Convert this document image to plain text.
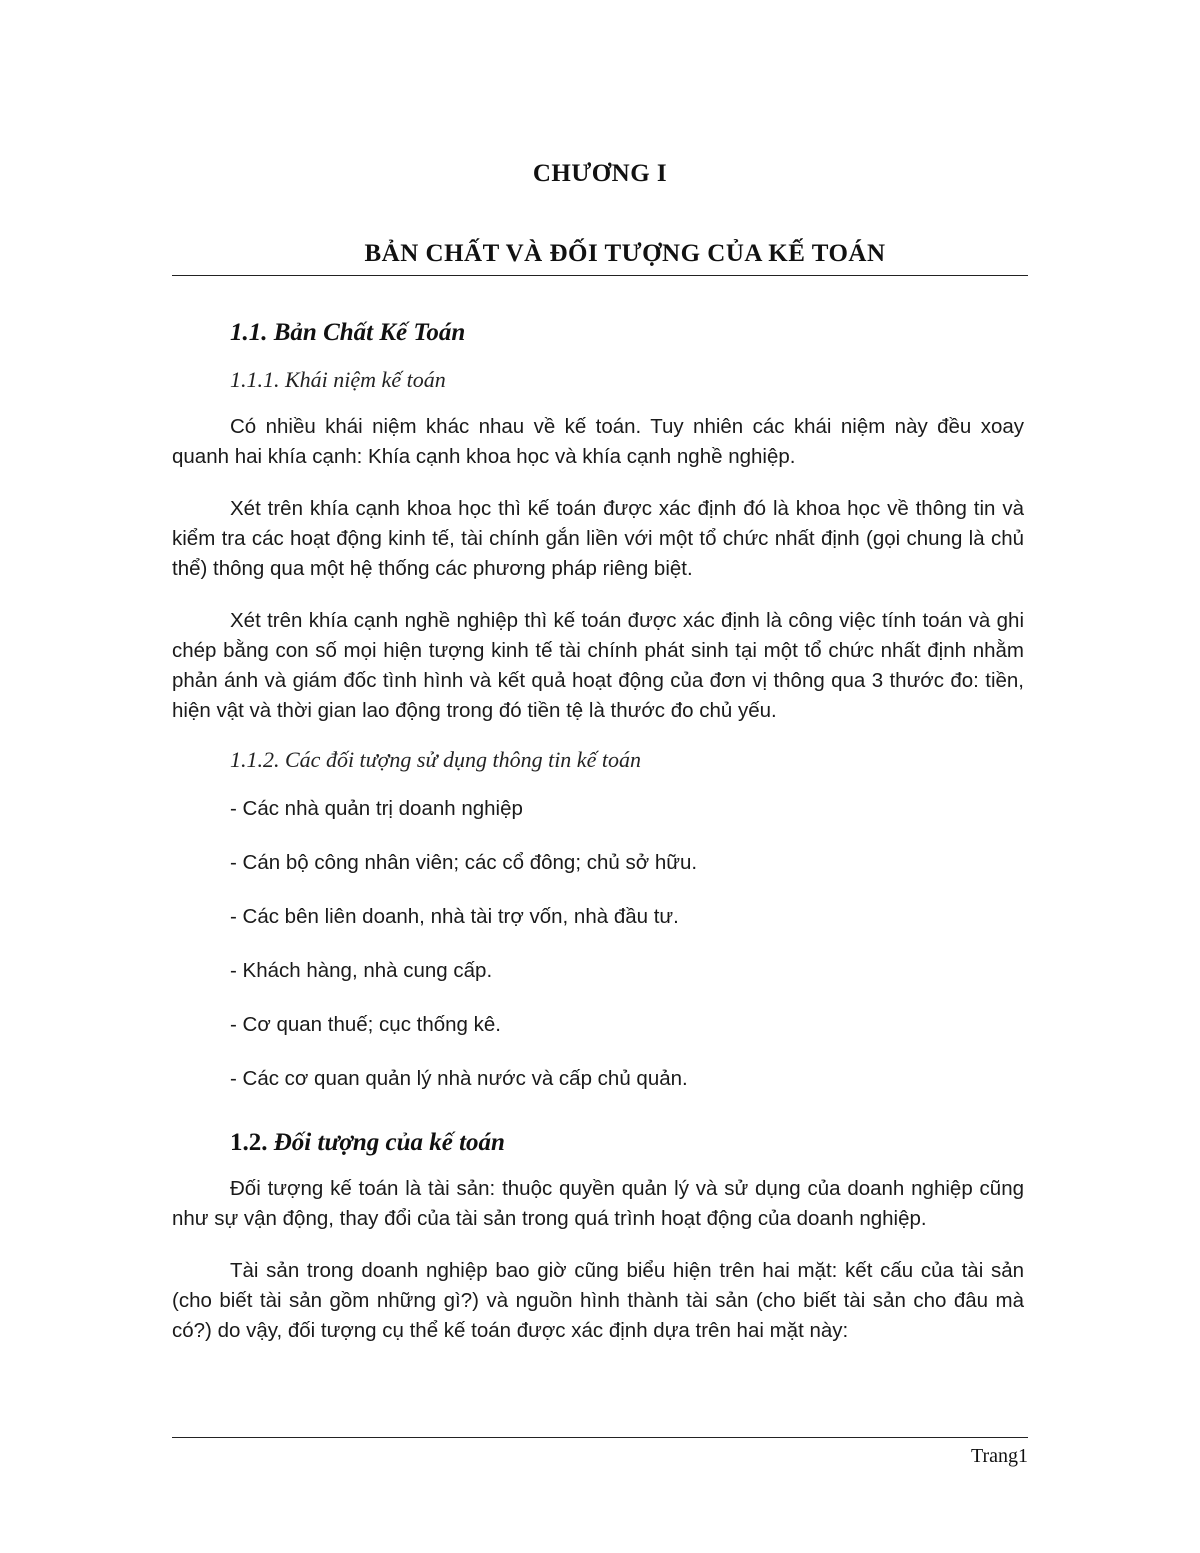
CHƯƠNG I
BẢN CHẤT VÀ ĐỐI TƯỢNG CỦA KẾ TOÁN
1.1. Bản Chất Kế Toán
1.1.1. Khái niệm kế toán

Có nhiều khái niệm khác nhau về kế toán. Tuy nhiên các khái niệm này đều xoay quanh hai khía cạnh: Khía cạnh khoa học và khía cạnh nghề nghiệp.

Xét trên khía cạnh khoa học thì kế toán được xác định đó là khoa học về thông tin và kiểm tra các hoạt động kinh tế, tài chính gắn liền với một tổ chức nhất định (gọi chung là chủ thể) thông qua một hệ thống các phương pháp riêng biệt.

Xét trên khía cạnh nghề nghiệp thì kế toán được xác định là công việc tính toán và ghi chép bằng con số mọi hiện tượng kinh tế tài chính phát sinh tại một tổ chức nhất định nhằm phản ánh và giám đốc tình hình và kết quả hoạt động của đơn vị thông qua 3 thước đo: tiền, hiện vật và thời gian lao động trong đó tiền tệ là thước đo chủ yếu.

1.1.2. Các đối tượng sử dụng thông tin kế toán
- Các nhà quản trị doanh nghiệp
- Cán bộ công nhân viên; các cổ đông; chủ sở hữu.
- Các bên liên doanh, nhà tài trợ vốn, nhà đầu tư.
- Khách hàng, nhà cung cấp.
- Cơ quan thuế; cục thống kê.
- Các cơ quan quản lý nhà nước và cấp chủ quản.
1.2. Đối tượng của kế toán

Đối tượng kế toán là tài sản: thuộc quyền quản lý và sử dụng của doanh nghiệp cũng như sự vận động, thay đổi của tài sản trong quá trình hoạt động của doanh nghiệp.

Tài sản trong doanh nghiệp bao giờ cũng biểu hiện trên hai mặt: kết cấu của tài sản (cho biết tài sản gồm những gì?) và nguồn hình thành tài sản (cho biết tài sản cho đâu mà có?) do vậy, đối tượng cụ thể kế toán được xác định dựa trên hai mặt này:

Trang1
